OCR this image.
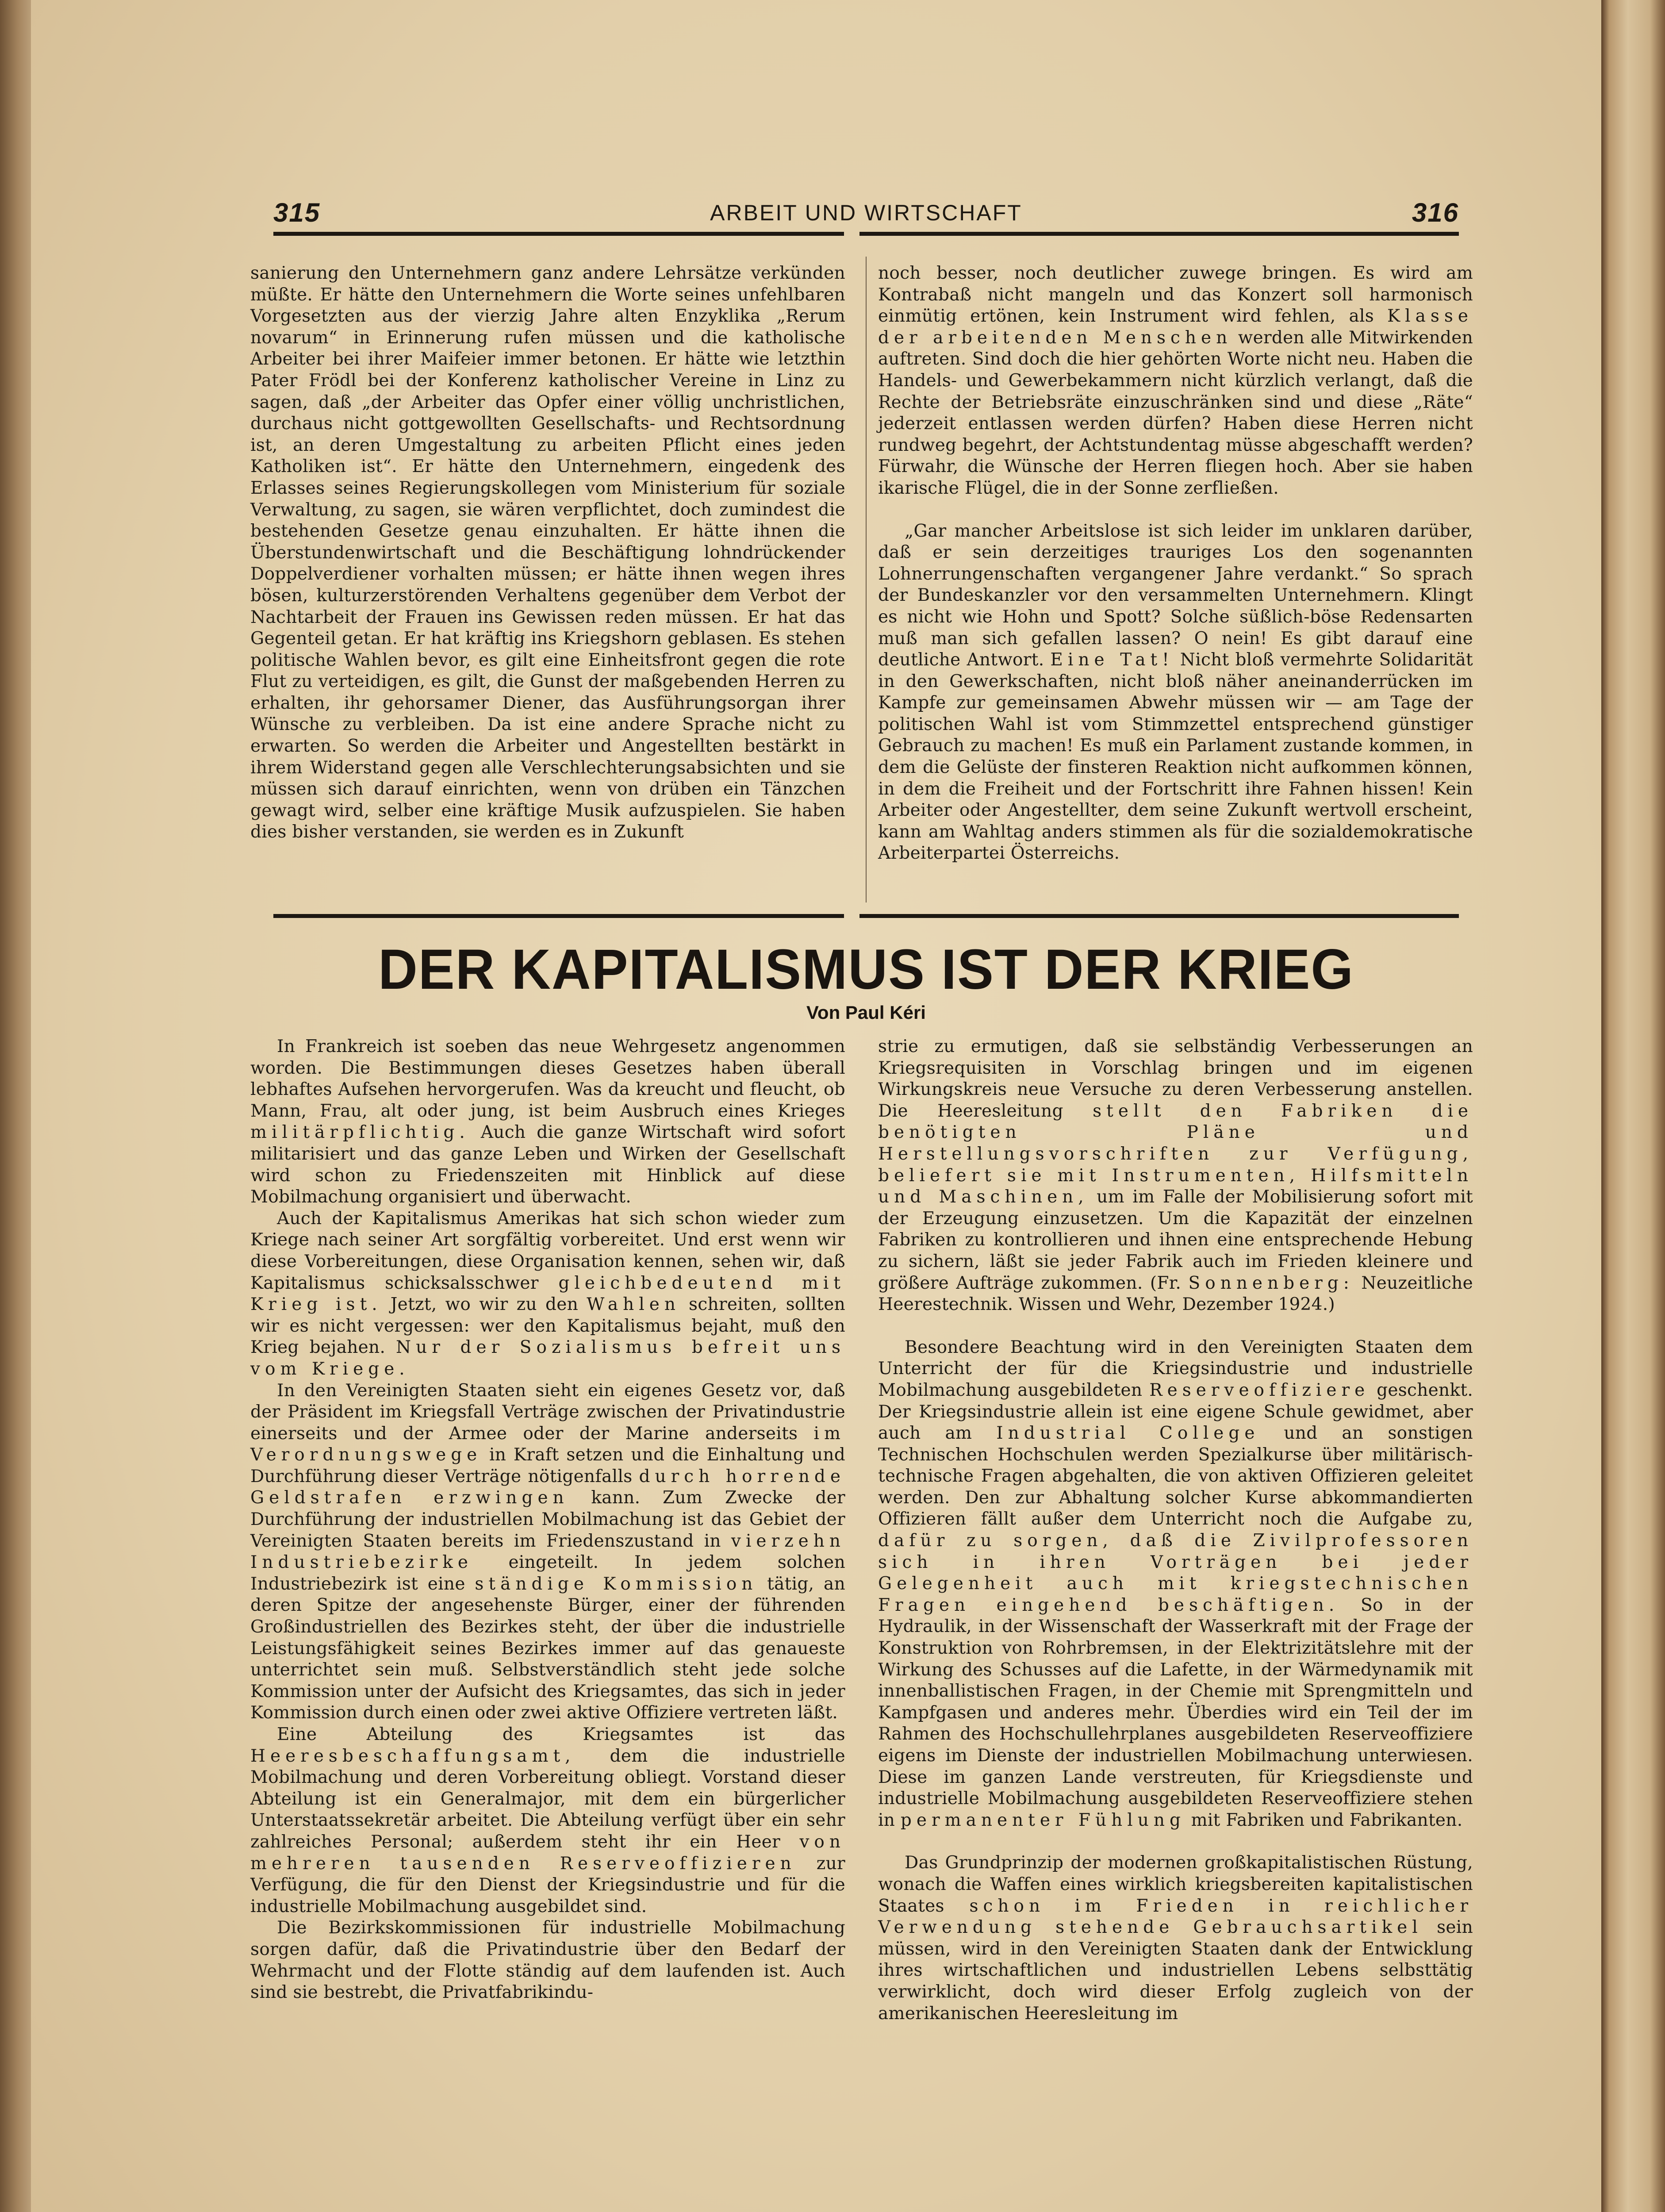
315	ARBEIT UND WIRTSCHAFT	316

sanierung den Unternehmern ganz andere Lehrsätze verkünden müßte. Er hätte den Unternehmern die Worte seines unfehlbaren Vorgesetzten aus der vierzig Jahre alten Enzyklika „Rerum novarum“ in Erinnerung rufen müssen und die katholische Arbeiter bei ihrer Maifeier immer betonen. Er hätte wie letzthin Pater Frödl bei der Konferenz katholischer Vereine in Linz zu sagen, daß „der Arbeiter das Opfer einer völlig unchristlichen, durchaus nicht gottgewollten Gesellschafts- und Rechtsordnung ist, an deren Umgestaltung zu arbeiten Pflicht eines jeden Katholiken ist“. Er hätte den Unternehmern, eingedenk des Erlasses seines Regierungskollegen vom Ministerium für soziale Verwaltung, zu sagen, sie wären verpflichtet, doch zumindest die bestehenden Gesetze genau einzuhalten. Er hätte ihnen die Überstundenwirtschaft und die Beschäftigung lohndrückender Doppelverdiener vorhalten müssen; er hätte ihnen wegen ihres bösen, kulturzerstörenden Verhaltens gegenüber dem Verbot der Nachtarbeit der Frauen ins Gewissen reden müssen. Er hat das Gegenteil getan. Er hat kräftig ins Kriegshorn geblasen. Es stehen politische Wahlen bevor, es gilt eine Einheitsfront gegen die rote Flut zu verteidigen, es gilt, die Gunst der maßgebenden Herren zu erhalten, ihr gehorsamer Diener, das Ausführungsorgan ihrer Wünsche zu verbleiben. Da ist eine andere Sprache nicht zu erwarten. So werden die Arbeiter und Angestellten bestärkt in ihrem Widerstand gegen alle Verschlechterungsabsichten und sie müssen sich darauf einrichten, wenn von drüben ein Tänzchen gewagt wird, selber eine kräftige Musik aufzuspielen. Sie haben dies bisher verstanden, sie werden es in Zukunft

noch besser, noch deutlicher zuwege bringen. Es wird am Kontrabaß nicht mangeln und das Konzert soll harmonisch einmütig ertönen, kein Instrument wird fehlen, als Klasse der arbeitenden Menschen werden alle Mitwirkenden auftreten. Sind doch die hier gehörten Worte nicht neu. Haben die Handels- und Gewerbekammern nicht kürzlich verlangt, daß die Rechte der Betriebsräte einzuschränken sind und diese „Räte“ jederzeit entlassen werden dürfen? Haben diese Herren nicht rundweg begehrt, der Achtstundentag müsse abgeschafft werden? Fürwahr, die Wünsche der Herren fliegen hoch. Aber sie haben ikarische Flügel, die in der Sonne zerfließen.

„Gar mancher Arbeitslose ist sich leider im unklaren darüber, daß er sein derzeitiges trauriges Los den sogenannten Lohnerrungenschaften vergangener Jahre verdankt.“ So sprach der Bundeskanzler vor den versammelten Unternehmern. Klingt es nicht wie Hohn und Spott? Solche süßlich-böse Redensarten muß man sich gefallen lassen? O nein! Es gibt darauf eine deutliche Antwort. Eine Tat! Nicht bloß vermehrte Solidarität in den Gewerkschaften, nicht bloß näher aneinanderrücken im Kampfe zur gemeinsamen Abwehr müssen wir — am Tage der politischen Wahl ist vom Stimmzettel entsprechend günstiger Gebrauch zu machen! Es muß ein Parlament zustande kommen, in dem die Gelüste der finsteren Reaktion nicht aufkommen können, in dem die Freiheit und der Fortschritt ihre Fahnen hissen! Kein Arbeiter oder Angestellter, dem seine Zukunft wertvoll erscheint, kann am Wahltag anders stimmen als für die sozialdemokratische Arbeiterpartei Österreichs.

DER KAPITALISMUS IST DER KRIEG
Von Paul Kéri

In Frankreich ist soeben das neue Wehrgesetz angenommen worden. Die Bestimmungen dieses Gesetzes haben überall lebhaftes Aufsehen hervorgerufen. Was da kreucht und fleucht, ob Mann, Frau, alt oder jung, ist beim Ausbruch eines Krieges militärpflichtig. Auch die ganze Wirtschaft wird sofort militarisiert und das ganze Leben und Wirken der Gesellschaft wird schon zu Friedenszeiten mit Hinblick auf diese Mobilmachung organisiert und überwacht.

Auch der Kapitalismus Amerikas hat sich schon wieder zum Kriege nach seiner Art sorgfältig vorbereitet. Und erst wenn wir diese Vorbereitungen, diese Organisation kennen, sehen wir, daß Kapitalismus schicksalsschwer gleichbedeutend mit Krieg ist. Jetzt, wo wir zu den Wahlen schreiten, sollten wir es nicht vergessen: wer den Kapitalismus bejaht, muß den Krieg bejahen. Nur der Sozialismus befreit uns vom Kriege.

In den Vereinigten Staaten sieht ein eigenes Gesetz vor, daß der Präsident im Kriegsfall Verträge zwischen der Privatindustrie einerseits und der Armee oder der Marine anderseits im Verordnungswege in Kraft setzen und die Einhaltung und Durchführung dieser Verträge nötigenfalls durch horrende Geldstrafen erzwingen kann. Zum Zwecke der Durchführung der industriellen Mobilmachung ist das Gebiet der Vereinigten Staaten bereits im Friedenszustand in vierzehn Industriebezirke eingeteilt. In jedem solchen Industriebezirk ist eine ständige Kommission tätig, an deren Spitze der angesehenste Bürger, einer der führenden Großindustriellen des Bezirkes steht, der über die industrielle Leistungsfähigkeit seines Bezirkes immer auf das genaueste unterrichtet sein muß. Selbstverständlich steht jede solche Kommission unter der Aufsicht des Kriegsamtes, das sich in jeder Kommission durch einen oder zwei aktive Offiziere vertreten läßt.

Eine Abteilung des Kriegsamtes ist das Heeresbeschaffungsamt, dem die industrielle Mobilmachung und deren Vorbereitung obliegt. Vorstand dieser Abteilung ist ein Generalmajor, mit dem ein bürgerlicher Unterstaatssekretär arbeitet. Die Abteilung verfügt über ein sehr zahlreiches Personal; außerdem steht ihr ein Heer von mehreren tausenden Reserveoffizieren zur Verfügung, die für den Dienst der Kriegsindustrie und für die industrielle Mobilmachung ausgebildet sind.

Die Bezirkskommissionen für industrielle Mobilmachung sorgen dafür, daß die Privatindustrie über den Bedarf der Wehrmacht und der Flotte ständig auf dem laufenden ist. Auch sind sie bestrebt, die Privatfabrikindu-

strie zu ermutigen, daß sie selbständig Verbesserungen an Kriegsrequisiten in Vorschlag bringen und im eigenen Wirkungskreis neue Versuche zu deren Verbesserung anstellen. Die Heeresleitung stellt den Fabriken die benötigten Pläne und Herstellungsvorschriften zur Verfügung, beliefert sie mit Instrumenten, Hilfsmitteln und Maschinen, um im Falle der Mobilisierung sofort mit der Erzeugung einzusetzen. Um die Kapazität der einzelnen Fabriken zu kontrollieren und ihnen eine entsprechende Hebung zu sichern, läßt sie jeder Fabrik auch im Frieden kleinere und größere Aufträge zukommen. (Fr. Sonnenberg: Neuzeitliche Heerestechnik. Wissen und Wehr, Dezember 1924.)

Besondere Beachtung wird in den Vereinigten Staaten dem Unterricht der für die Kriegsindustrie und industrielle Mobilmachung ausgebildeten Reserveoffiziere geschenkt. Der Kriegsindustrie allein ist eine eigene Schule gewidmet, aber auch am Industrial College und an sonstigen Technischen Hochschulen werden Spezialkurse über militärisch-technische Fragen abgehalten, die von aktiven Offizieren geleitet werden. Den zur Abhaltung solcher Kurse abkommandierten Offizieren fällt außer dem Unterricht noch die Aufgabe zu, dafür zu sorgen, daß die Zivilprofessoren sich in ihren Vorträgen bei jeder Gelegenheit auch mit kriegstechnischen Fragen eingehend beschäftigen. So in der Hydraulik, in der Wissenschaft der Wasserkraft mit der Frage der Konstruktion von Rohrbremsen, in der Elektrizitätslehre mit der Wirkung des Schusses auf die Lafette, in der Wärmedynamik mit innenballistischen Fragen, in der Chemie mit Sprengmitteln und Kampfgasen und anderes mehr. Überdies wird ein Teil der im Rahmen des Hochschullehrplanes ausgebildeten Reserveoffiziere eigens im Dienste der industriellen Mobilmachung unterwiesen. Diese im ganzen Lande verstreuten, für Kriegsdienste und industrielle Mobilmachung ausgebildeten Reserveoffiziere stehen in permanenter Fühlung mit Fabriken und Fabrikanten.

Das Grundprinzip der modernen großkapitalistischen Rüstung, wonach die Waffen eines wirklich kriegsbereiten kapitalistischen Staates schon im Frieden in reichlicher Verwendung stehende Gebrauchsartikel sein müssen, wird in den Vereinigten Staaten dank der Entwicklung ihres wirtschaftlichen und industriellen Lebens selbsttätig verwirklicht, doch wird dieser Erfolg zugleich von der amerikanischen Heeresleitung im
